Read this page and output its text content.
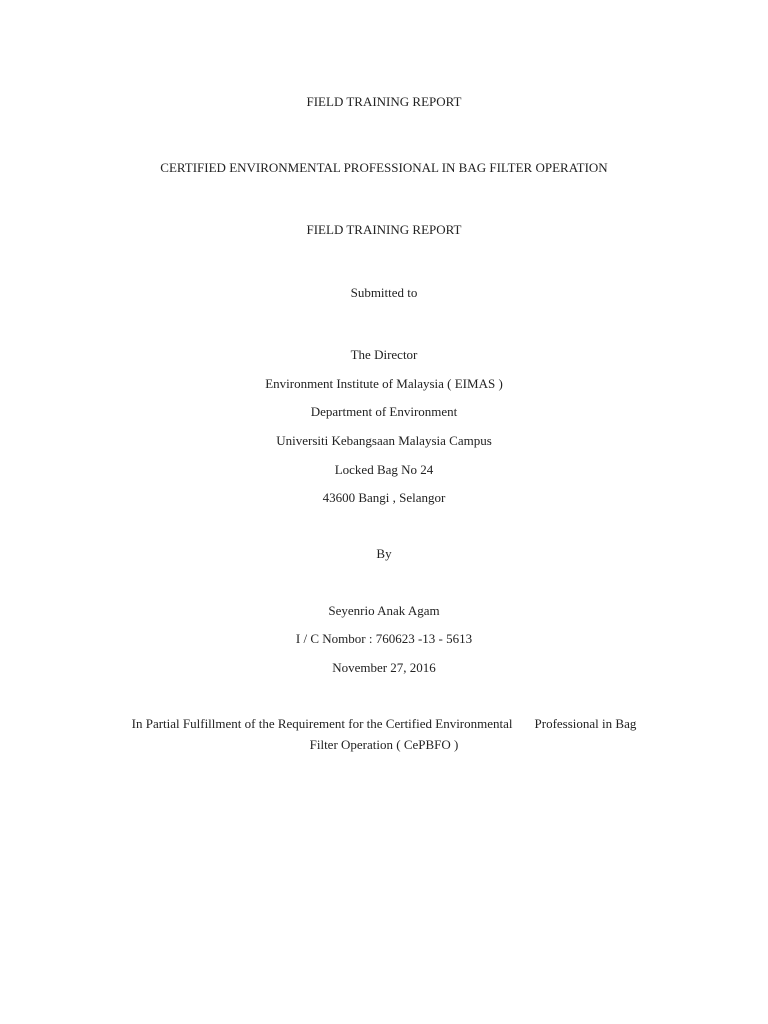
FIELD TRAINING REPORT
CERTIFIED ENVIRONMENTAL PROFESSIONAL IN BAG FILTER OPERATION
FIELD TRAINING REPORT
Submitted to
The Director
Environment Institute of Malaysia ( EIMAS )
Department of Environment
Universiti Kebangsaan Malaysia Campus
Locked Bag No 24
43600 Bangi , Selangor
By
Seyenrio Anak Agam
I / C Nombor : 760623 -13 - 5613
November 27, 2016
In Partial Fulfillment of the Requirement for the Certified Environmental Professional in Bag
Filter Operation ( CePBFO )
